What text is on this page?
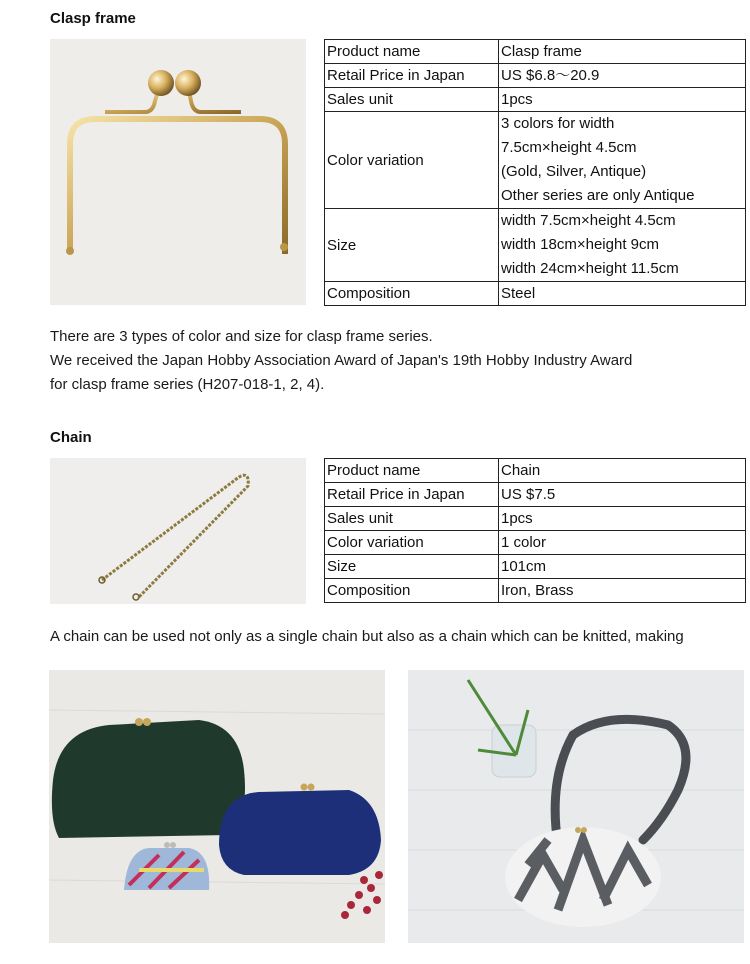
Clasp frame
Product name	Clasp frame
Retail Price in Japan	US $6.8～20.9
Sales unit	1pcs
Color variation	3 colors for width
7.5cm×height 4.5cm
(Gold, Silver, Antique)
Other series are only Antique

Size	width 7.5cm×height 4.5cm
width 18cm×height 9cm
width 24cm×height 11.5cm

Composition	Steel
There are 3 types of color and size for clasp frame series.
We received the Japan Hobby Association Award of Japan's 19th Hobby Industry Award
for clasp frame series (H207-018-1, 2, 4).
Chain
Product name	Chain
Retail Price in Japan	US $7.5
Sales unit	1pcs
Color variation	1 color
Size	101cm
Composition	Iron, Brass
A chain can be used not only as a single chain but also as a chain which can be knitted, making
